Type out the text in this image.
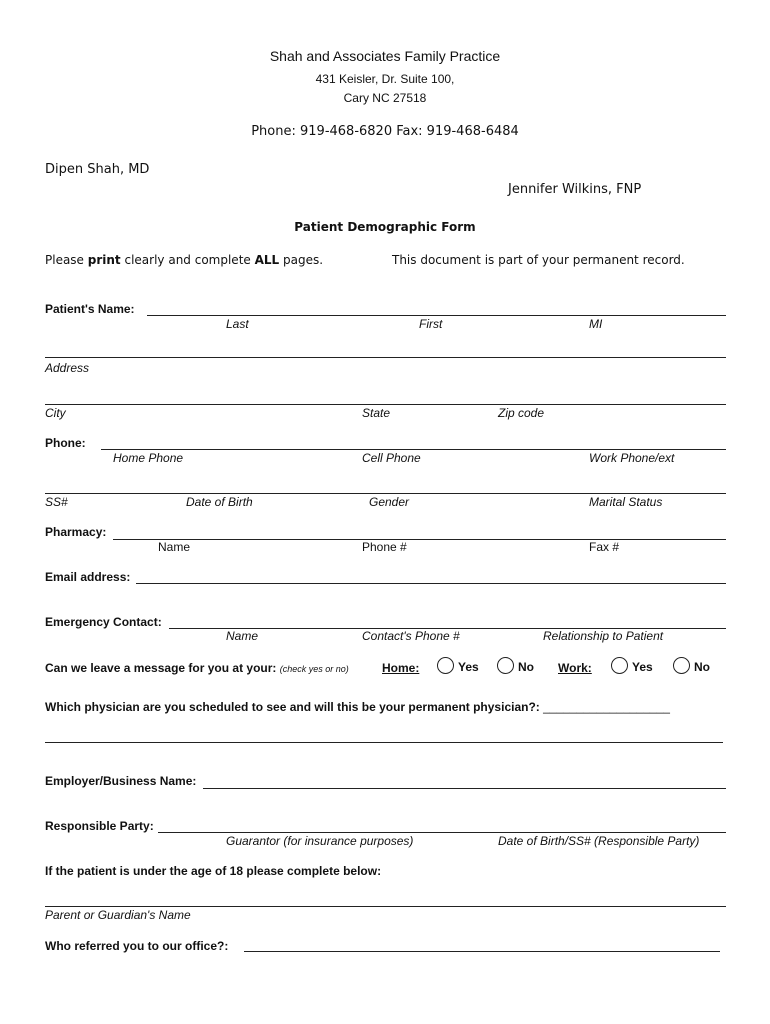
Shah and Associates Family Practice
431 Keisler, Dr. Suite 100,
Cary NC 27518
Phone: 919-468-6820 Fax: 919-468-6484
Dipen Shah, MD
Jennifer Wilkins, FNP
Patient Demographic Form
Please print clearly and complete ALL pages.	This document is part of your permanent record.
Patient's Name:
Last	First	MI
Address
City	State	Zip code
Phone:
Home Phone	Cell Phone	Work Phone/ext
SS#	Date of Birth	Gender	Marital Status
Pharmacy:
Name	Phone #	Fax #
Email address:
Emergency Contact:
Name	Contact's Phone #	Relationship to Patient
Can we leave a message for you at your: (check yes or no)	Home:	Yes	No Work:	Yes	No
Which physician are you scheduled to see and will this be your permanent physician?: ___________________
Employer/Business Name:
Responsible Party:
Guarantor (for insurance purposes)	Date of Birth/SS# (Responsible Party)
If the patient is under the age of 18 please complete below:
Parent or Guardian's Name
Who referred you to our office?:
